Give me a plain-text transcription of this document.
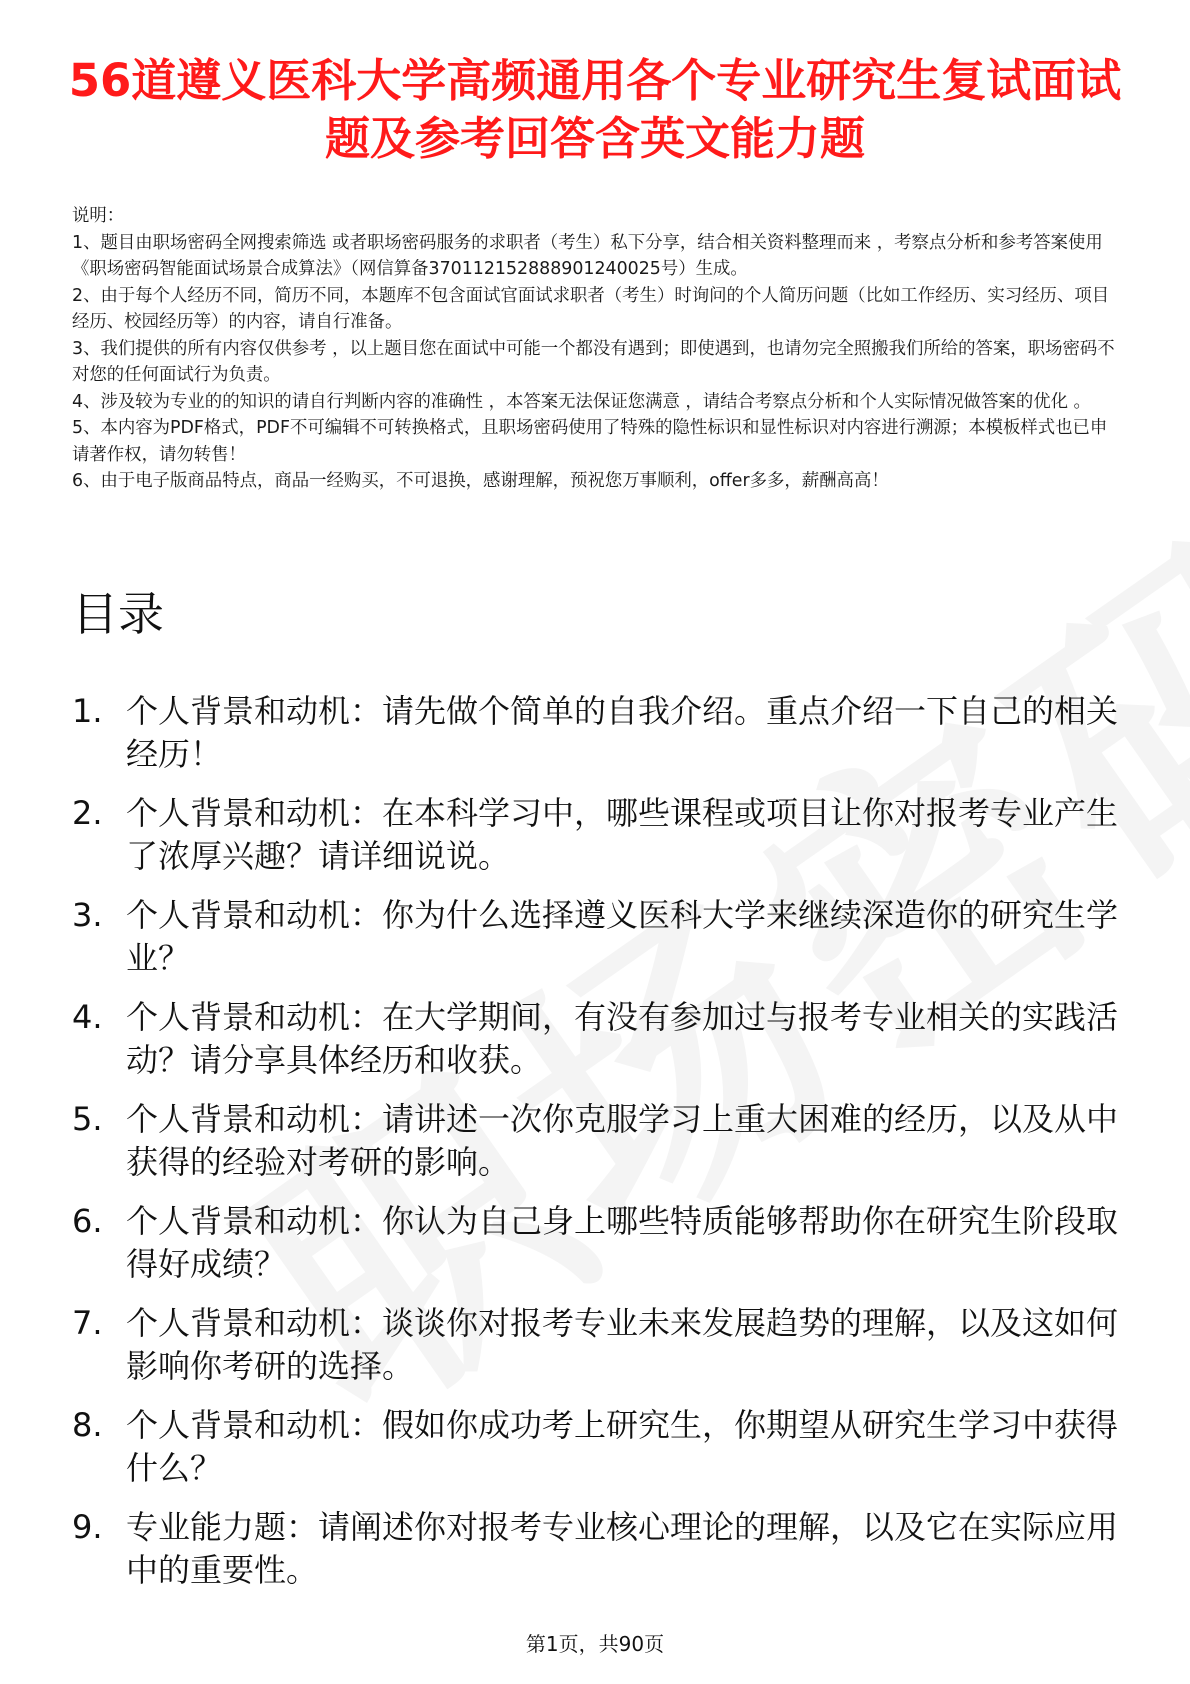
56道遵义医科大学高频通用各个专业研究生复试面试题及参考回答含英文能力题

说明：

1、题目由职场密码全网搜索筛选 或者职场密码服务的求职者（考生）私下分享，结合相关资料整理而来 ，考察点分析和参考答案使用《职场密码智能面试场景合成算法》（网信算备370112152888901240025号）生成。

2、由于每个人经历不同，简历不同，本题库不包含面试官面试求职者（考生）时询问的个人简历问题（比如工作经历、实习经历、项目经历、校园经历等）的内容，请自行准备。

3、我们提供的所有内容仅供参考 ，以上题目您在面试中可能一个都没有遇到；即使遇到，也请勿完全照搬我们所给的答案，职场密码不对您的任何面试行为负责。

4、涉及较为专业的的知识的请自行判断内容的准确性 ，本答案无法保证您满意 ，请结合考察点分析和个人实际情况做答案的优化 。

5、本内容为PDF格式，PDF不可编辑不可转换格式，且职场密码使用了特殊的隐性标识和显性标识对内容进行溯源；本模板样式也已申请著作权，请勿转售！

6、由于电子版商品特点，商品一经购买，不可退换，感谢理解，预祝您万事顺利，offer多多，薪酬高高！

目录
1. 个人背景和动机：请先做个简单的自我介绍。重点介绍一下自己的相关经历！
2. 个人背景和动机：在本科学习中，哪些课程或项目让你对报考专业产生了浓厚兴趣？请详细说说。
3. 个人背景和动机：你为什么选择遵义医科大学来继续深造你的研究生学业？
4. 个人背景和动机：在大学期间，有没有参加过与报考专业相关的实践活动？请分享具体经历和收获。
5. 个人背景和动机：请讲述一次你克服学习上重大困难的经历，以及从中获得的经验对考研的影响。
6. 个人背景和动机：你认为自己身上哪些特质能够帮助你在研究生阶段取得好成绩？
7. 个人背景和动机：谈谈你对报考专业未来发展趋势的理解，以及这如何影响你考研的选择。
8. 个人背景和动机：假如你成功考上研究生，你期望从研究生学习中获得什么？
9. 专业能力题：请阐述你对报考专业核心理论的理解，以及它在实际应用中的重要性。
第1页，共90页
